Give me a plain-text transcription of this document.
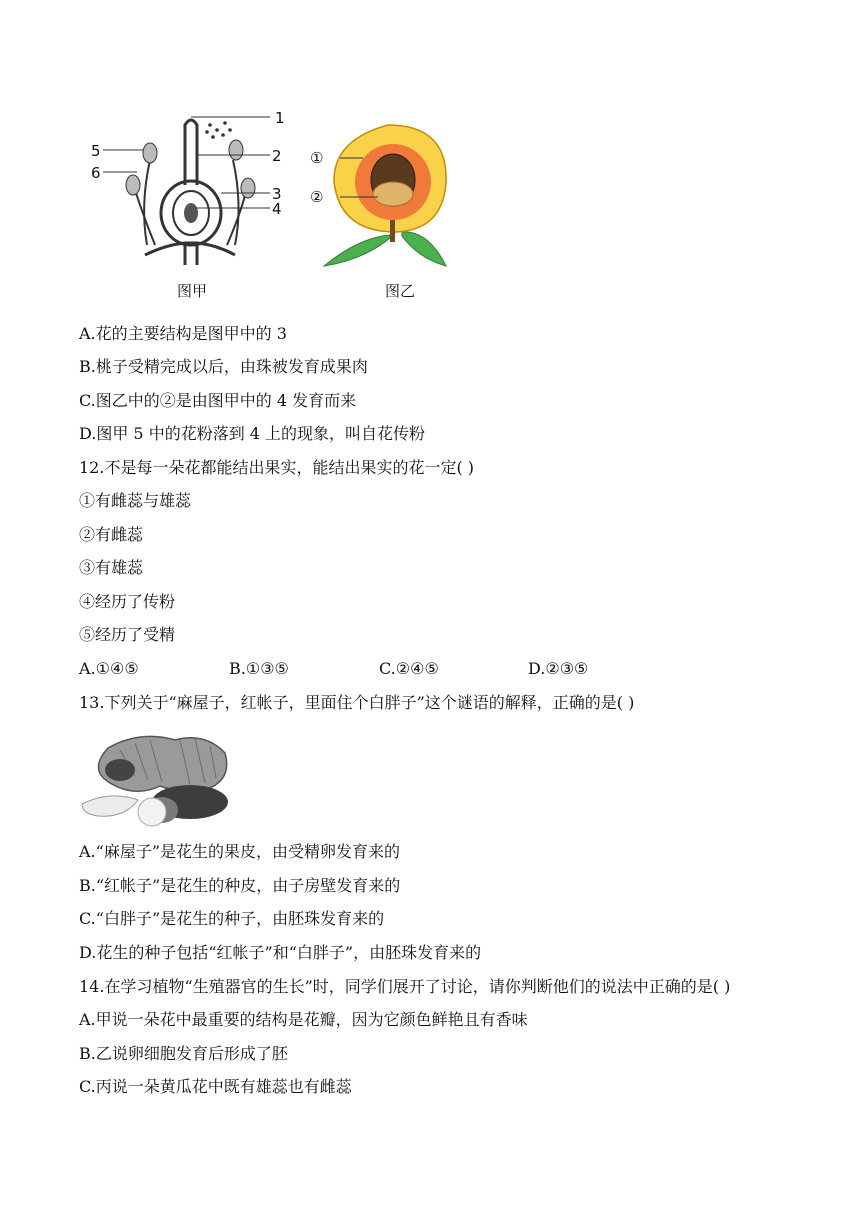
1
2
3
4
5
6
图甲
①
②
图乙
A.花的主要结构是图甲中的 3
B.桃子受精完成以后，由珠被发育成果肉
C.图乙中的②是由图甲中的 4 发育而来
D.图甲 5 中的花粉落到 4 上的现象，叫自花传粉
12.不是每一朵花都能结出果实，能结出果实的花一定( )
①有雌蕊与雄蕊
②有雌蕊
③有雄蕊
④经历了传粉
⑤经历了受精
A.①④⑤	B.①③⑤	C.②④⑤	D.②③⑤
13.下列关于“麻屋子，红帐子，里面住个白胖子”这个谜语的解释，正确的是( )
A.“麻屋子”是花生的果皮，由受精卵发育来的
B.“红帐子”是花生的种皮，由子房壁发育来的
C.“白胖子”是花生的种子，由胚珠发育来的
D.花生的种子包括“红帐子”和“白胖子”，由胚珠发育来的
14.在学习植物“生殖器官的生长”时，同学们展开了讨论，请你判断他们的说法中正确的是( )
A.甲说一朵花中最重要的结构是花瓣，因为它颜色鲜艳且有香味
B.乙说卵细胞发育后形成了胚
C.丙说一朵黄瓜花中既有雄蕊也有雌蕊
